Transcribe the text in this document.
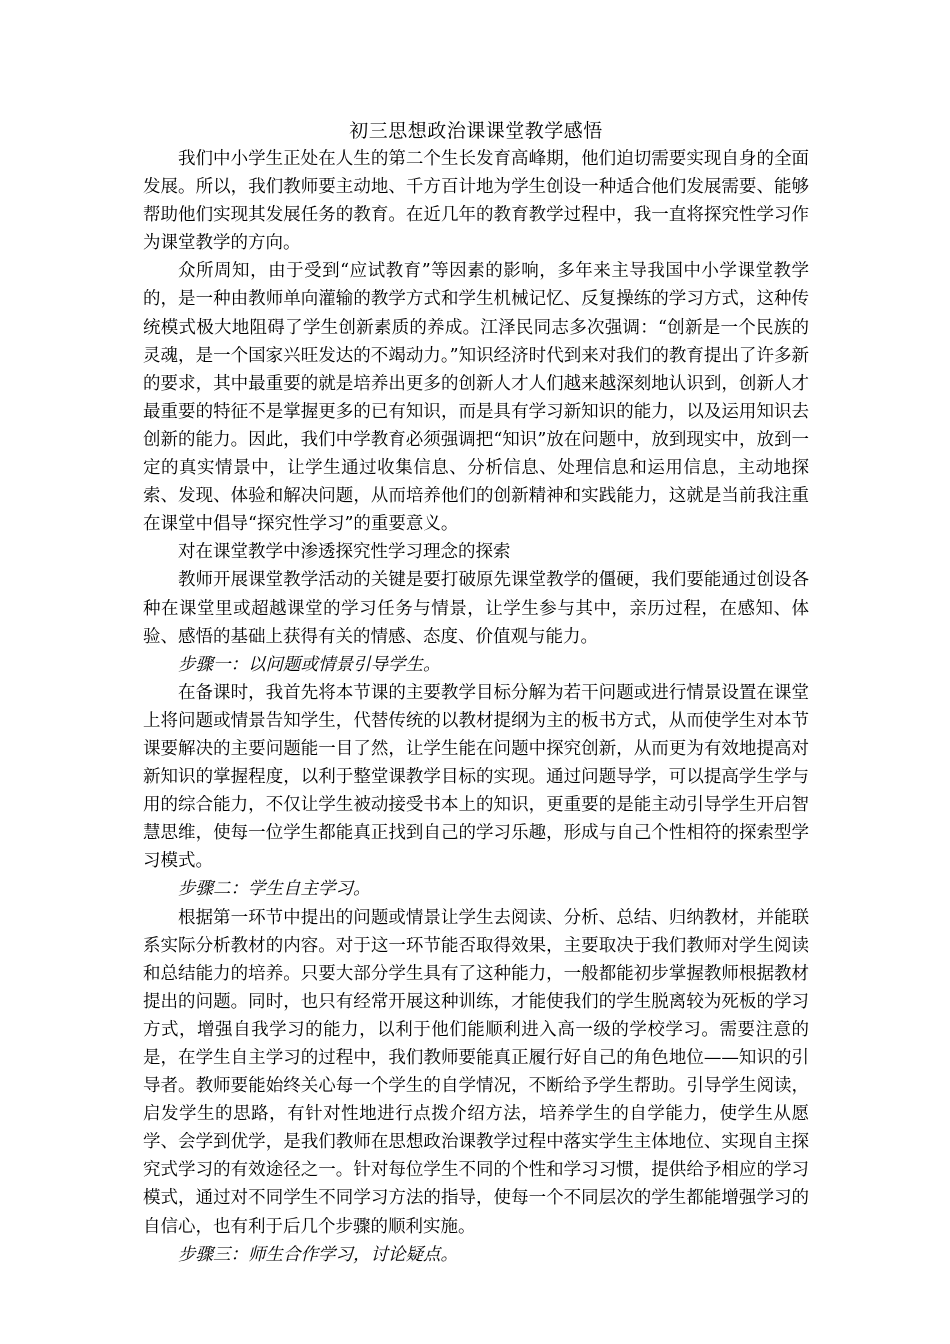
初三思想政治课课堂教学感悟

我们中小学生正处在人生的第二个生长发育高峰期，他们迫切需要实现自身的全面发展。所以，我们教师要主动地、千方百计地为学生创设一种适合他们发展需要、能够帮助他们实现其发展任务的教育。在近几年的教育教学过程中，我一直将探究性学习作为课堂教学的方向。

众所周知，由于受到“应试教育”等因素的影响，多年来主导我国中小学课堂教学的，是一种由教师单向灌输的教学方式和学生机械记忆、反复操练的学习方式，这种传统模式极大地阻碍了学生创新素质的养成。江泽民同志多次强调：“创新是一个民族的灵魂，是一个国家兴旺发达的不竭动力。”知识经济时代到来对我们的教育提出了许多新的要求，其中最重要的就是培养出更多的创新人才人们越来越深刻地认识到，创新人才最重要的特征不是掌握更多的已有知识，而是具有学习新知识的能力，以及运用知识去创新的能力。因此，我们中学教育必须强调把“知识”放在问题中，放到现实中，放到一定的真实情景中，让学生通过收集信息、分析信息、处理信息和运用信息，主动地探索、发现、体验和解决问题，从而培养他们的创新精神和实践能力，这就是当前我注重在课堂中倡导“探究性学习”的重要意义。

对在课堂教学中渗透探究性学习理念的探索

教师开展课堂教学活动的关键是要打破原先课堂教学的僵硬，我们要能通过创设各种在课堂里或超越课堂的学习任务与情景，让学生参与其中，亲历过程，在感知、体验、感悟的基础上获得有关的情感、态度、价值观与能力。

步骤一：以问题或情景引导学生。

在备课时，我首先将本节课的主要教学目标分解为若干问题或进行情景设置在课堂上将问题或情景告知学生，代替传统的以教材提纲为主的板书方式，从而使学生对本节课要解决的主要问题能一目了然，让学生能在问题中探究创新，从而更为有效地提高对新知识的掌握程度，以利于整堂课教学目标的实现。通过问题导学，可以提高学生学与用的综合能力，不仅让学生被动接受书本上的知识，更重要的是能主动引导学生开启智慧思维，使每一位学生都能真正找到自己的学习乐趣，形成与自己个性相符的探索型学习模式。

步骤二：学生自主学习。

根据第一环节中提出的问题或情景让学生去阅读、分析、总结、归纳教材，并能联系实际分析教材的内容。对于这一环节能否取得效果，主要取决于我们教师对学生阅读和总结能力的培养。只要大部分学生具有了这种能力，一般都能初步掌握教师根据教材提出的问题。同时，也只有经常开展这种训练，才能使我们的学生脱离较为死板的学习方式，增强自我学习的能力，以利于他们能顺利进入高一级的学校学习。需要注意的是，在学生自主学习的过程中，我们教师要能真正履行好自己的角色地位——知识的引导者。教师要能始终关心每一个学生的自学情况，不断给予学生帮助。引导学生阅读，启发学生的思路，有针对性地进行点拨介绍方法，培养学生的自学能力，使学生从愿学、会学到优学，是我们教师在思想政治课教学过程中落实学生主体地位、实现自主探究式学习的有效途径之一。针对每位学生不同的个性和学习习惯，提供给予相应的学习模式，通过对不同学生不同学习方法的指导，使每一个不同层次的学生都能增强学习的自信心，也有利于后几个步骤的顺利实施。

步骤三：师生合作学习，讨论疑点。
